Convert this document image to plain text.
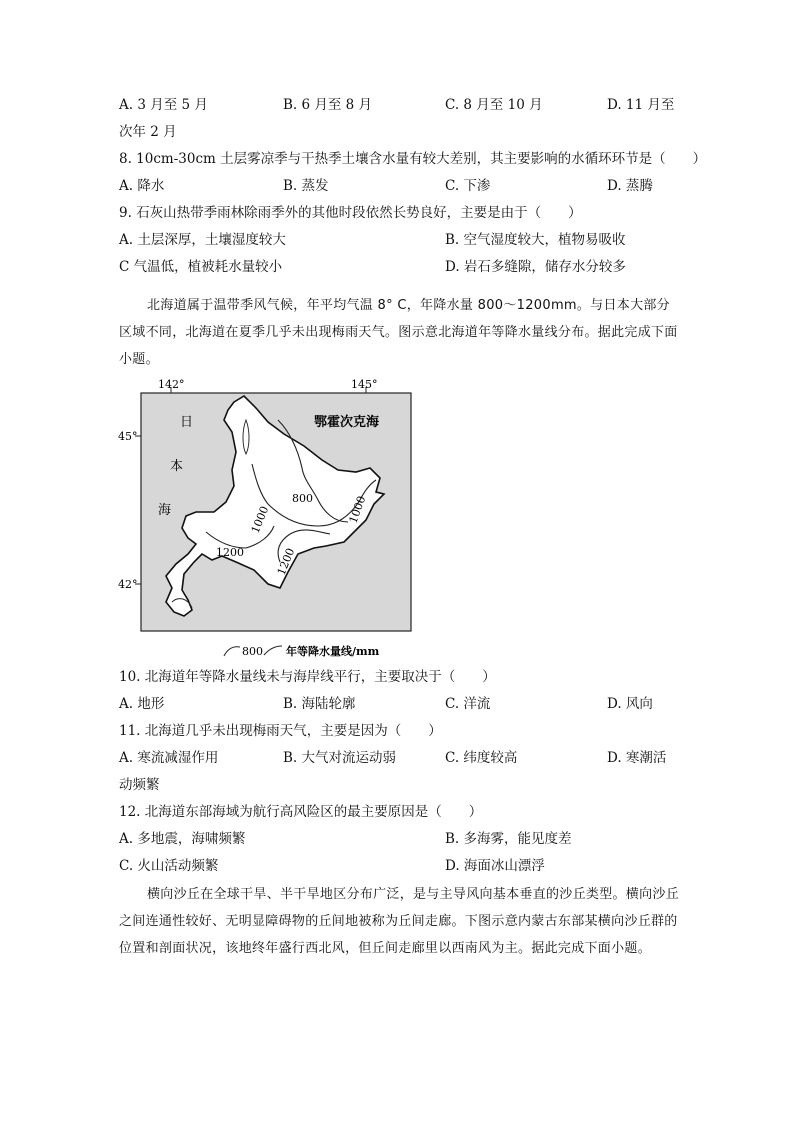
A. 3 月至 5 月	B. 6 月至 8 月	C. 8 月至 10 月	D. 11 月至
次年 2 月
8. 10cm-30cm 土层雾凉季与干热季土壤含水量有较大差别，其主要影响的水循环环节是（　　）
A. 降水	B. 蒸发	C. 下渗	D. 蒸腾
9. 石灰山热带季雨林除雨季外的其他时段依然长势良好，主要是由于（　　）
A. 土层深厚，土壤湿度较大	B. 空气湿度较大，植物易吸收
C 气温低，植被耗水量较小	D. 岩石多缝隙，储存水分较多
北海道属于温带季风气候，年平均气温 8° C，年降水量 800～1200mm。与日本大部分区域不同，北海道在夏季几乎未出现梅雨天气。图示意北海道年等降水量线分布。据此完成下面小题。
142°	145°
45°
42°
鄂霍次克海
日
本
海
800
1000	1000
1200	1200
800 年等降水量线/mm
10. 北海道年等降水量线未与海岸线平行，主要取决于（　　）
A. 地形	B. 海陆轮廓	C. 洋流	D. 风向
11. 北海道几乎未出现梅雨天气，主要是因为（　　）
A. 寒流减湿作用	B. 大气对流运动弱	C. 纬度较高	D. 寒潮活
动频繁
12. 北海道东部海域为航行高风险区的最主要原因是（　　）
A. 多地震，海啸频繁	B. 多海雾，能见度差
C. 火山活动频繁	D. 海面冰山漂浮
横向沙丘在全球干旱、半干旱地区分布广泛，是与主导风向基本垂直的沙丘类型。横向沙丘之间连通性较好、无明显障碍物的丘间地被称为丘间走廊。下图示意内蒙古东部某横向沙丘群的位置和剖面状况，该地终年盛行西北风，但丘间走廊里以西南风为主。据此完成下面小题。
